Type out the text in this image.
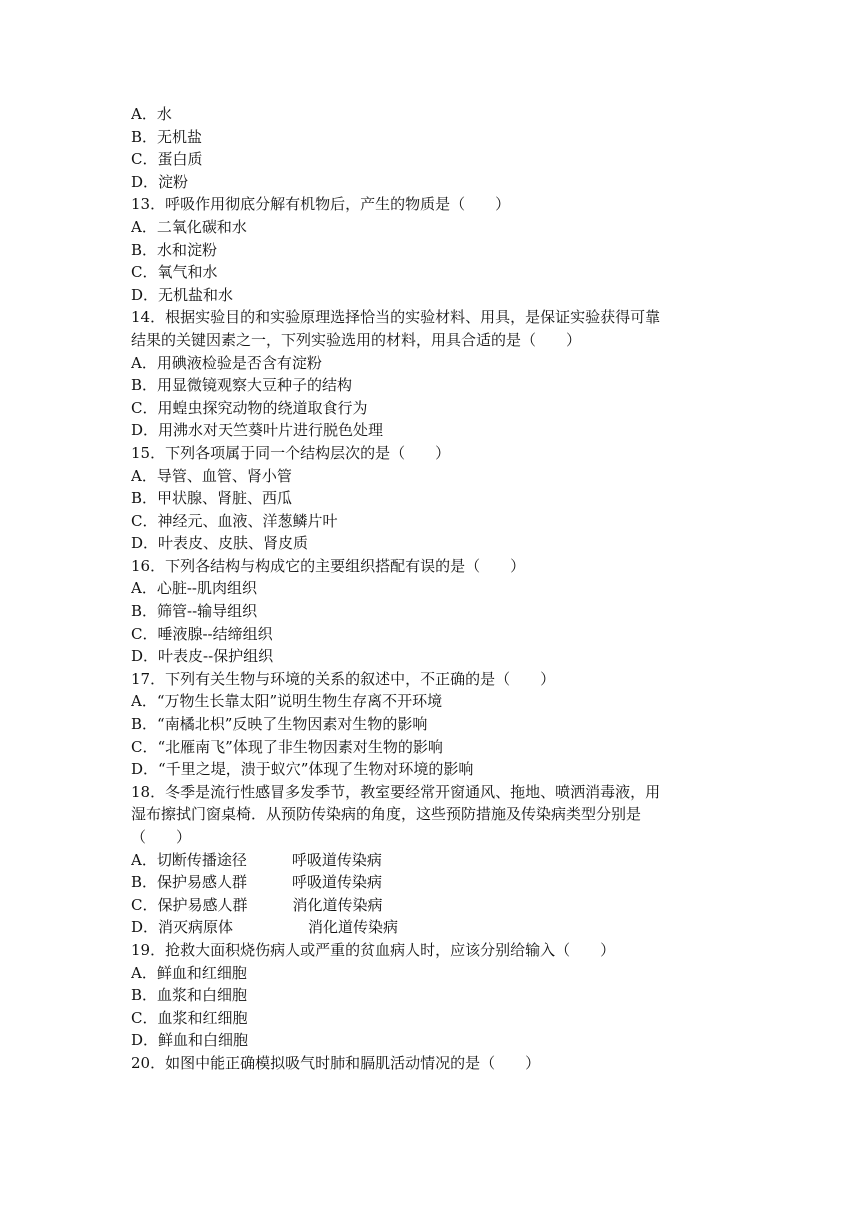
A．水
B．无机盐
C．蛋白质
D．淀粉
13．呼吸作用彻底分解有机物后，产生的物质是（　　）
A．二氧化碳和水
B．水和淀粉
C．氧气和水
D．无机盐和水
14．根据实验目的和实验原理选择恰当的实验材料、用具，是保证实验获得可靠
结果的关键因素之一，下列实验选用的材料，用具合适的是（　　）
A．用碘液检验是否含有淀粉
B．用显微镜观察大豆种子的结构
C．用蝗虫探究动物的绕道取食行为
D．用沸水对天竺葵叶片进行脱色处理
15．下列各项属于同一个结构层次的是（　　）
A．导管、血管、肾小管
B．甲状腺、肾脏、西瓜
C．神经元、血液、洋葱鳞片叶
D．叶表皮、皮肤、肾皮质
16．下列各结构与构成它的主要组织搭配有误的是（　　）
A．心脏--肌肉组织
B．筛管--输导组织
C．唾液腺--结缔组织
D．叶表皮--保护组织
17．下列有关生物与环境的关系的叙述中，不正确的是（　　）
A．“万物生长靠太阳”说明生物生存离不开环境
B．“南橘北枳”反映了生物因素对生物的影响
C．“北雁南飞”体现了非生物因素对生物的影响
D．“千里之堤，溃于蚁穴”体现了生物对环境的影响
18．冬季是流行性感冒多发季节，教室要经常开窗通风、拖地、喷洒消毒液，用
湿布擦拭门窗桌椅．从预防传染病的角度，这些预防措施及传染病类型分别是
（　　）
A．切断传播途径　　　呼吸道传染病
B．保护易感人群　　　呼吸道传染病
C．保护易感人群　　　消化道传染病
D．消灭病原体　　　　　消化道传染病
19．抢救大面积烧伤病人或严重的贫血病人时，应该分别给输入（　　）
A．鲜血和红细胞
B．血浆和白细胞
C．血浆和红细胞
D．鲜血和白细胞
20．如图中能正确模拟吸气时肺和膈肌活动情况的是（　　）
